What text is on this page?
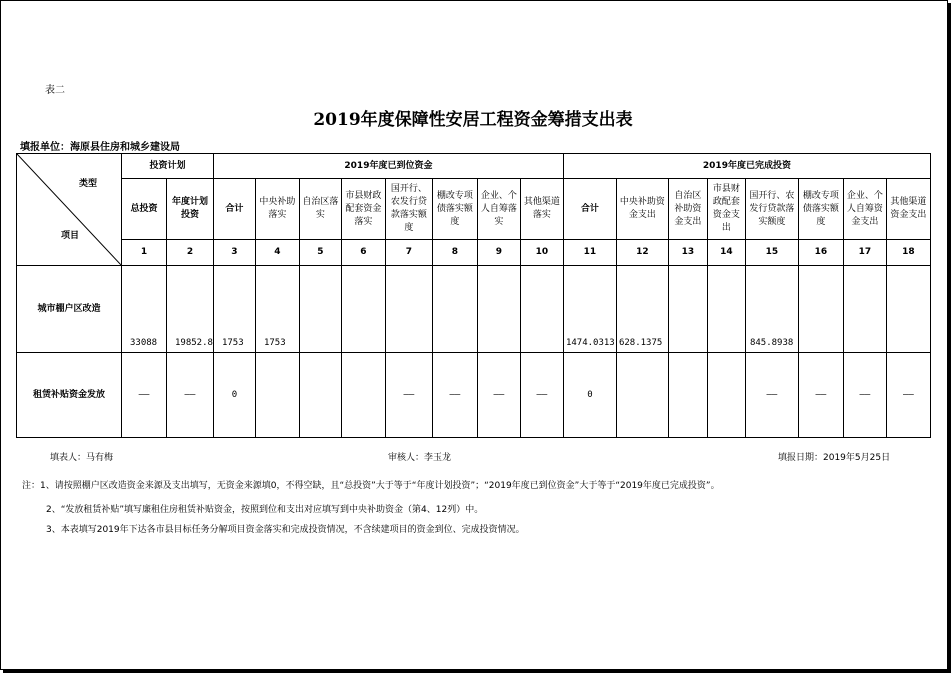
表二
2019年度保障性安居工程资金筹措支出表
填报单位：海原县住房和城乡建设局
类型
项目	投资计划		2019年度已到位资金								2019年度已完成投资							
	总投资	年度计划投资	合计	中央补助落实	自治区落实	市县财政配套资金落实	国开行、农发行贷款落实额度	棚改专项债落实额度	企业、个人自筹落实	其他渠道落实	合计	中央补助资金支出	自治区补助资金支出	市县财政配套资金支出	国开行、农发行贷款落实额度	棚改专项债落实额度	企业、个人自筹资金支出	其他渠道资金支出
	1	2	3	4	5	6	7	8	9	10	11	12	13	14	15	16	17	18
城市棚户区改造	33088	19852.8	1753	1753							1474.0313	628.1375			845.8938			
租赁补贴资金发放	——	——	0				——	——	——	——	0				——	——	——	——
填表人：马有梅	审核人：李玉龙	填报日期：2019年5月25日
注：1、请按照棚户区改造资金来源及支出填写，无资金来源填0，不得空缺，且“总投资”大于等于“年度计划投资”；“2019年度已到位资金”大于等于“2019年度已完成投资”。
2、“发放租赁补贴”填写廉租住房租赁补贴资金，按照到位和支出对应填写到中央补助资金（第4、12列）中。
3、本表填写2019年下达各市县目标任务分解项目资金落实和完成投资情况，不含续建项目的资金到位、完成投资情况。
